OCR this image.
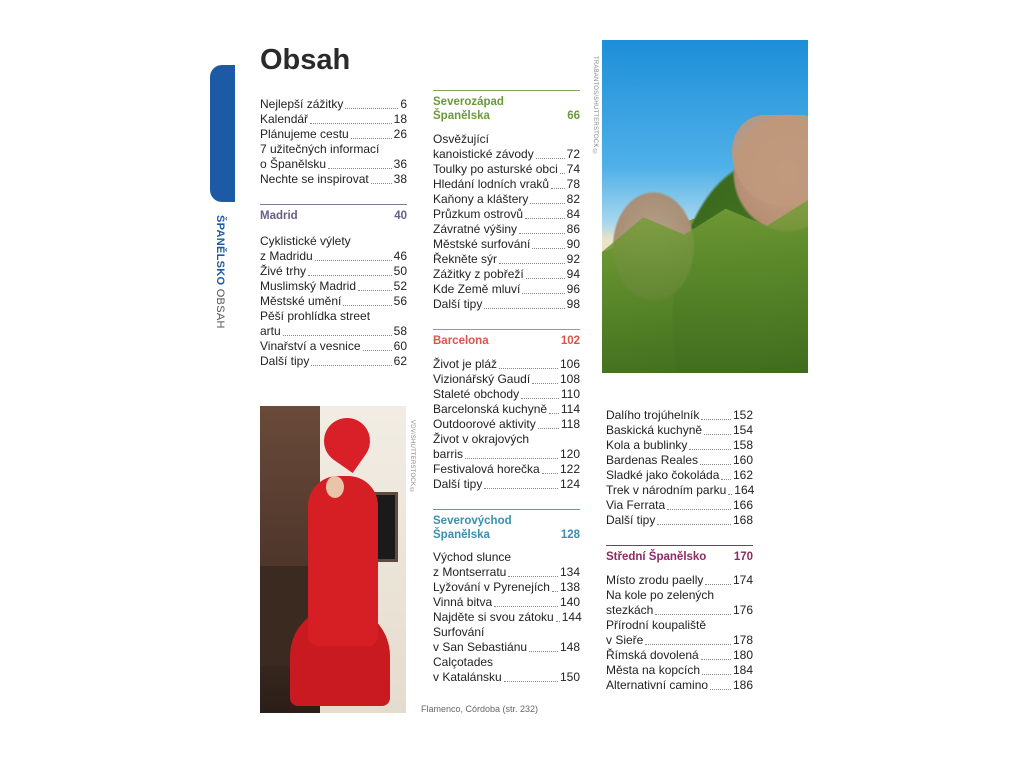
ŠPANĚLSKO OBSAH
Obsah
Nejlepší zážitky	6
Kalendář	18
Plánujeme cestu	26
7 užitečných informací
o Španělsku	36
Nechte se inspirovat 38
Madrid	40
Cyklistické výlety
z Madridu	46
Živé trhy	50
Muslimský Madrid	52
Městské umění	56
Pěší prohlídka street
artu	58
Vinařství a vesnice	60
Další tipy	62
VDV/SHUTTERSTOCK ©
Flamenco, Córdoba (str. 232)
Severozápad
Španělska	66
Osvěžující
kanoistické závody	72
Toulky po asturské obci 74
Hledání lodních vraků 78
Kaňony a kláštery	82
Průzkum ostrovů	84
Závratné výšiny	86
Městské surfování	90
Řekněte sýr	92
Zážitky z pobřeží	94
Kde Země mluví	96
Další tipy	98
Barcelona	102
Život je pláž	106
Vizionářský Gaudí 108
Staleté obchody	110
Barcelonská kuchyně 114
Outdoorové aktivity 118
Život v okrajových
barris	120
Festivalová horečka 122
Další tipy	124
Severovýchod
Španělska	128
Východ slunce
z Montserratu	134
Lyžování v Pyrenejích 138
Vinná bitva	140
Najděte si svou zátoku 144
Surfování
v San Sebastiánu	148
Calçotades
v Katalánsku	150
TRABANTOS/SHUTTERSTOCK ©
Dalího trojúhelník	152
Baskická kuchyně	154
Kola a bublinky	158
Bardenas Reales	160
Sladké jako čokoláda 162
Trek v národním parku 164
Via Ferrata	166
Další tipy	168
Střední Španělsko 170
Místo zrodu paelly 174
Na kole po zelených
stezkách	176
Přírodní koupaliště
v Sieře	178
Římská dovolená	180
Města na kopcích	184
Alternativní camino 186
